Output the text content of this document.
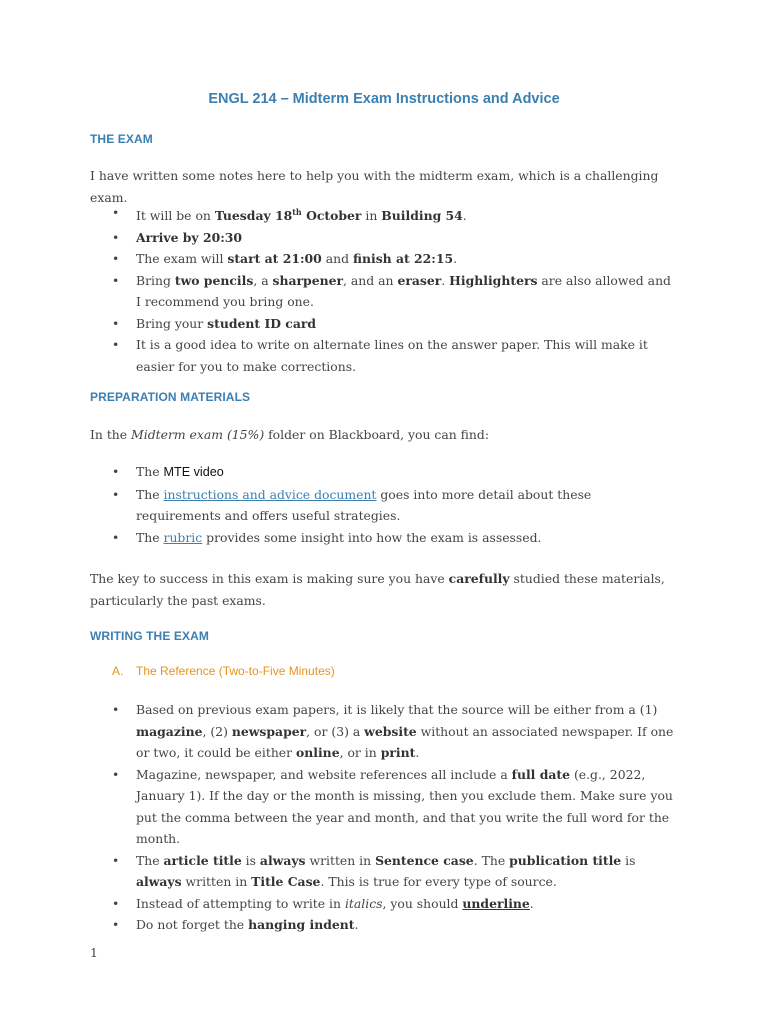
ENGL 214 – Midterm Exam Instructions and Advice
THE EXAM
I have written some notes here to help you with the midterm exam, which is a challenging exam.
• It will be on Tuesday 18th October in Building 54.
• Arrive by 20:30
• The exam will start at 21:00 and finish at 22:15.
• Bring two pencils, a sharpener, and an eraser. Highlighters are also allowed and I recommend you bring one.
• Bring your student ID card
• It is a good idea to write on alternate lines on the answer paper. This will make it easier for you to make corrections.
PREPARATION MATERIALS
In the Midterm exam (15%) folder on Blackboard, you can find:
• The MTE video
• The instructions and advice document goes into more detail about these requirements and offers useful strategies.
• The rubric provides some insight into how the exam is assessed.
The key to success in this exam is making sure you have carefully studied these materials, particularly the past exams.
WRITING THE EXAM
A. The Reference (Two-to-Five Minutes)
• Based on previous exam papers, it is likely that the source will be either from a (1) magazine, (2) newspaper, or (3) a website without an associated newspaper. If one or two, it could be either online, or in print.
• Magazine, newspaper, and website references all include a full date (e.g., 2022, January 1). If the day or the month is missing, then you exclude them. Make sure you put the comma between the year and month, and that you write the full word for the month.
• The article title is always written in Sentence case. The publication title is always written in Title Case. This is true for every type of source.
• Instead of attempting to write in italics, you should underline.
• Do not forget the hanging indent.
1
